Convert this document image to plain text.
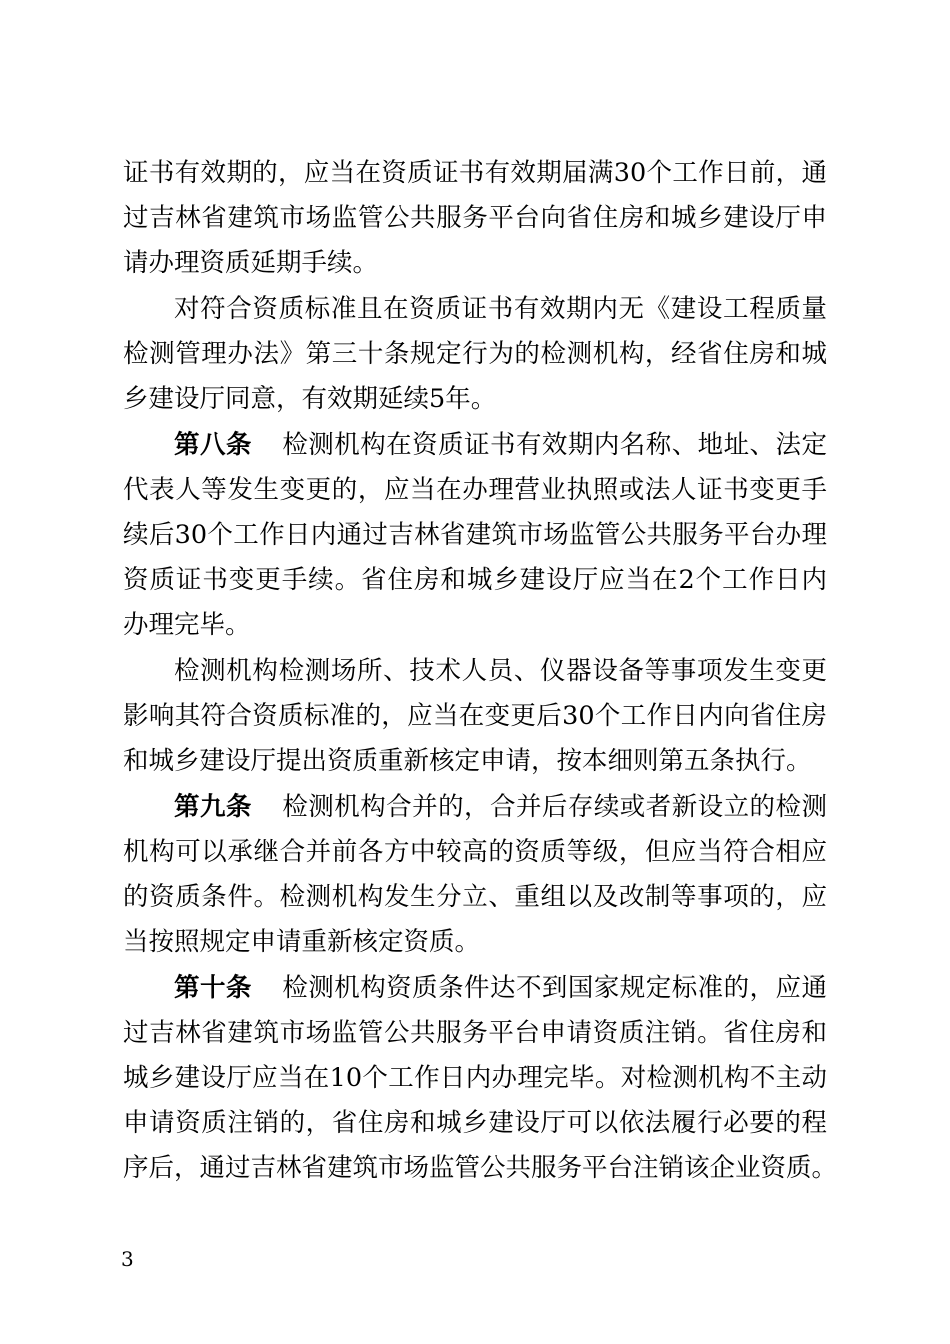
证书有效期的，应当在资质证书有效期届满30个工作日前，通
过吉林省建筑市场监管公共服务平台向省住房和城乡建设厅申
请办理资质延期手续。
对符合资质标准且在资质证书有效期内无《建设工程质量
检测管理办法》第三十条规定行为的检测机构，经省住房和城
乡建设厅同意，有效期延续5年。
第八条 检测机构在资质证书有效期内名称、地址、法定
代表人等发生变更的，应当在办理营业执照或法人证书变更手
续后30个工作日内通过吉林省建筑市场监管公共服务平台办理
资质证书变更手续。省住房和城乡建设厅应当在2个工作日内
办理完毕。
检测机构检测场所、技术人员、仪器设备等事项发生变更
影响其符合资质标准的，应当在变更后30个工作日内向省住房
和城乡建设厅提出资质重新核定申请，按本细则第五条执行。
第九条 检测机构合并的，合并后存续或者新设立的检测
机构可以承继合并前各方中较高的资质等级，但应当符合相应
的资质条件。检测机构发生分立、重组以及改制等事项的，应
当按照规定申请重新核定资质。
第十条 检测机构资质条件达不到国家规定标准的，应通
过吉林省建筑市场监管公共服务平台申请资质注销。省住房和
城乡建设厅应当在10个工作日内办理完毕。对检测机构不主动
申请资质注销的，省住房和城乡建设厅可以依法履行必要的程
序后，通过吉林省建筑市场监管公共服务平台注销该企业资质。
3
